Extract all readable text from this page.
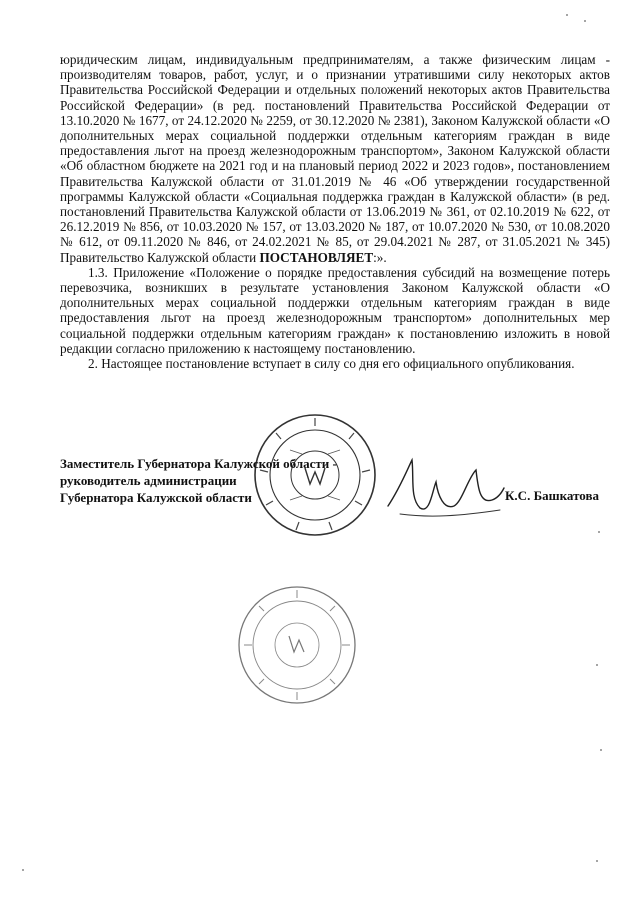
юридическим лицам, индивидуальным предпринимателям, а также физическим лицам - производителям товаров, работ, услуг, и о признании утратившими силу некоторых актов Правительства Российской Федерации и отдельных положений некоторых актов Правительства Российской Федерации» (в ред. постановлений Правительства Российской Федерации от 13.10.2020 № 1677, от 24.12.2020 № 2259, от 30.12.2020 № 2381), Законом Калужской области «О дополнительных мерах социальной поддержки отдельным категориям граждан в виде предоставления льгот на проезд железнодорожным транспортом», Законом Калужской области «Об областном бюджете на 2021 год и на плановый период 2022 и 2023 годов», постановлением Правительства Калужской области от 31.01.2019 № 46 «Об утверждении государственной программы Калужской области «Социальная поддержка граждан в Калужской области» (в ред. постановлений Правительства Калужской области от 13.06.2019 № 361, от 02.10.2019 № 622, от 26.12.2019 № 856, от 10.03.2020 № 157, от 13.03.2020 № 187, от 10.07.2020 № 530, от 10.08.2020 № 612, от 09.11.2020 № 846, от 24.02.2021 № 85, от 29.04.2021 № 287, от 31.05.2021 № 345) Правительство Калужской области ПОСТАНОВЛЯЕТ:».

1.3. Приложение «Положение о порядке предоставления субсидий на возмещение потерь перевозчика, возникших в результате установления Законом Калужской области «О дополнительных мерах социальной поддержки отдельным категориям граждан в виде предоставления льгот на проезд железнодорожным транспортом» дополнительных мер социальной поддержки отдельным категориям граждан» к постановлению изложить в новой редакции согласно приложению к настоящему постановлению.

2. Настоящее постановление вступает в силу со дня его официального опубликования.

Заместитель Губернатора Калужской области -
руководитель администрации
Губернатора Калужской области	К.С. Башкатова
